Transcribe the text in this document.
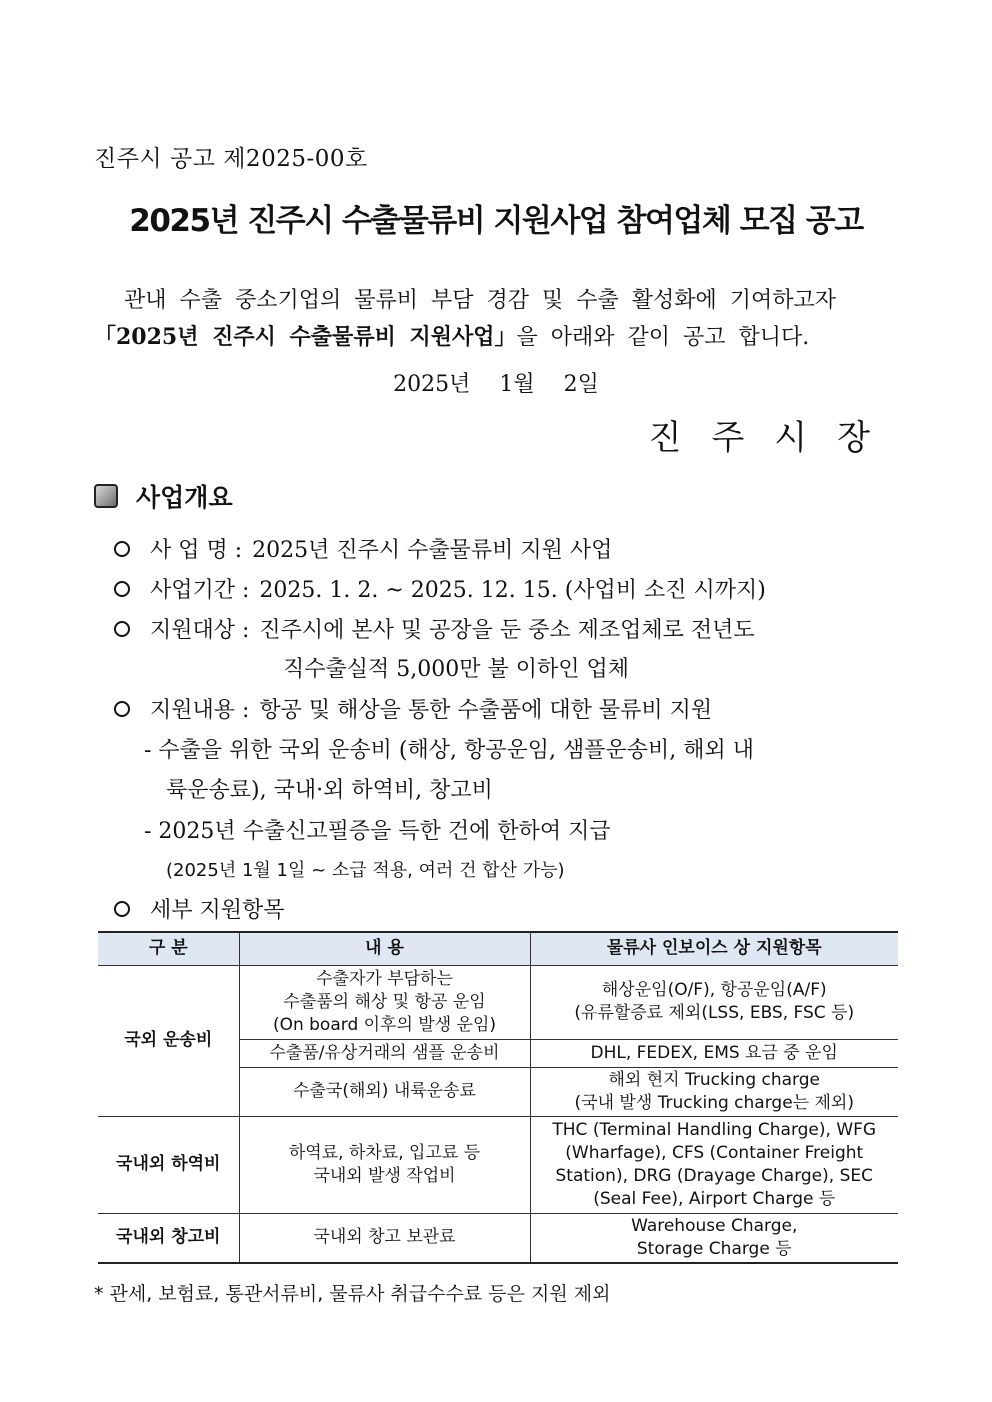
진주시 공고 제2025-00호
2025년 진주시 수출물류비 지원사업 참여업체 모집 공고
관내 수출 중소기업의 물류비 부담 경감 및 수출 활성화에 기여하고자
「2025년 진주시 수출물류비 지원사업」을 아래와 같이 공고 합니다.
2025년 1월 2일
진주시장
사업개요
사 업 명 : 2025년 진주시 수출물류비 지원 사업
사업기간 : 2025. 1. 2. ~ 2025. 12. 15. (사업비 소진 시까지)
지원대상 : 진주시에 본사 및 공장을 둔 중소 제조업체로 전년도
직수출실적 5,000만 불 이하인 업체
지원내용 : 항공 및 해상을 통한 수출품에 대한 물류비 지원
- 수출을 위한 국외 운송비 (해상, 항공운임, 샘플운송비, 해외 내
륙운송료), 국내·외 하역비, 창고비
- 2025년 수출신고필증을 득한 건에 한하여 지급
(2025년 1월 1일 ~ 소급 적용, 여러 건 합산 가능)
세부 지원항목
구 분	내 용	물류사 인보이스 상 지원항목
국외 운송비	수출자가 부담하는
수출품의 해상 및 항공 운임
(On board 이후의 발생 운임)	해상운임(O/F), 항공운임(A/F)
(유류할증료 제외(LSS, EBS, FSC 등)

	수출품/유상거래의 샘플 운송비	DHL, FEDEX, EMS 요금 중 운임
	수출국(해외) 내륙운송료	해외 현지 Trucking charge
(국내 발생 Trucking charge는 제외)

국내외 하역비	하역료, 하차료, 입고료 등
국내외 발생 작업비	THC (Terminal Handling Charge), WFG
(Wharfage), CFS (Container Freight
Station), DRG (Drayage Charge), SEC
(Seal Fee), Airport Charge 등

국내외 창고비	국내외 창고 보관료	Warehouse Charge,
Storage Charge 등
* 관세, 보험료, 통관서류비, 물류사 취급수수료 등은 지원 제외
